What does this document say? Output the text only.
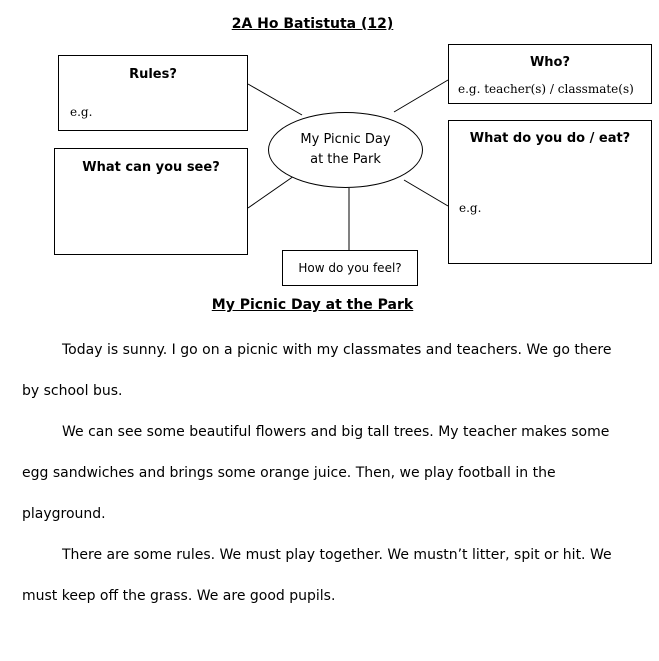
2A Ho Batistuta (12)
Rules?
e.g.
What can you see?
Who?
e.g. teacher(s) / classmate(s)
What do you do / eat?
e.g.
My Picnic Day
at the Park
How do you feel?
My Picnic Day at the Park

Today is sunny. I go on a picnic with my classmates and teachers. We go there by school bus.

We can see some beautiful flowers and big tall trees. My teacher makes some egg sandwiches and brings some orange juice. Then, we play football in the playground.

There are some rules. We must play together. We mustn’t litter, spit or hit. We must keep off the grass. We are good pupils.
